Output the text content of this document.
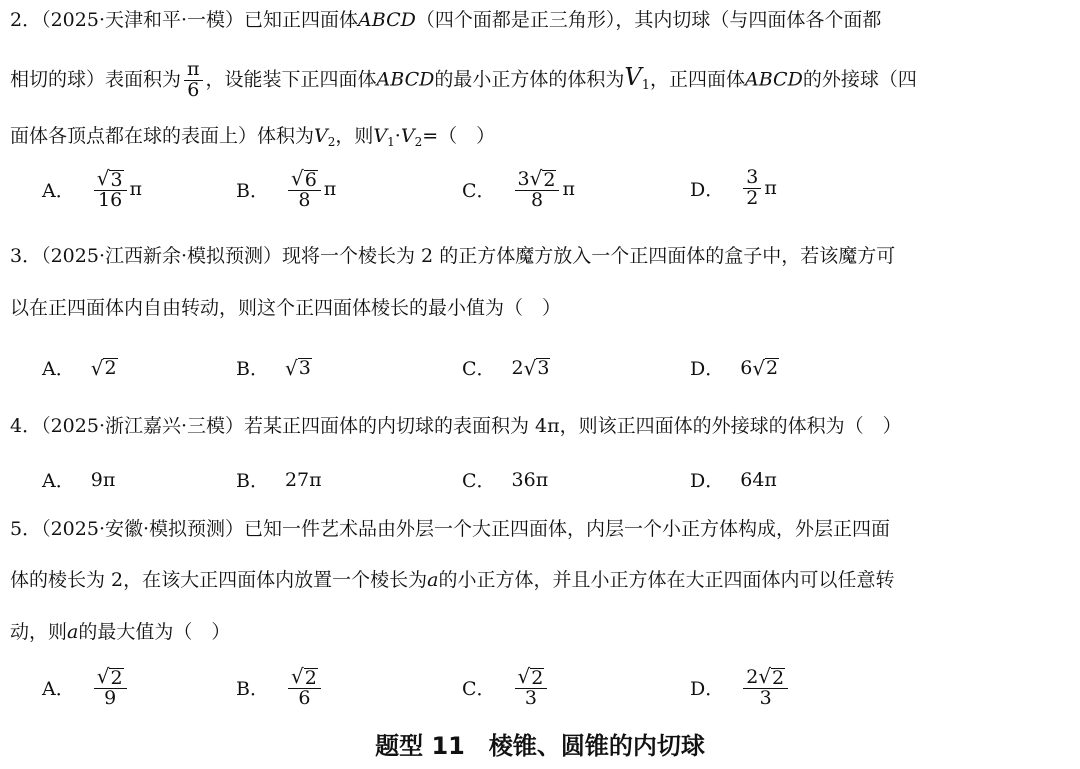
2．（2025·天津和平·一模）已知正四面体ABCD（四个面都是正三角形），其内切球（与四面体各个面都
相切的球）表面积为 $\frac{\pi}{6}$ ，设能装下正四面体ABCD的最小正方体的体积为$V_1$，正四面体ABCD的外接球（四
面体各顶点都在球的表面上）体积为$V_2$，则$V_1\cdot V_2=$（　）
A． $\frac{√ 3}{16}$ π	B． $\frac{√ 6}{8}$ π	C． $\frac{3 √ 2}{8}$ π	D． $\frac{3}{2}$ π
3．（2025·江西新余·模拟预测）现将一个棱长为 2 的正方体魔方放入一个正四面体的盒子中，若该魔方可
以在正四面体内自由转动，则这个正四面体棱长的最小值为（　）
A． √ 2	B． √ 3	C． 2 √ 3	D． 6 √ 2
4．（2025·浙江嘉兴·三模）若某正四面体的内切球的表面积为 4π，则该正四面体的外接球的体积为（　）
A． 9π	B． 27π	C． 36π	D． 64π
5．（2025·安徽·模拟预测）已知一件艺术品由外层一个大正四面体，内层一个小正方体构成，外层正四面
体的棱长为 2，在该大正四面体内放置一个棱长为a的小正方体，并且小正方体在大正四面体内可以任意转
动，则a的最大值为（　）
A． $\frac{√ 2}{9}$	B． $\frac{√ 2}{6}$	C． $\frac{√ 2}{3}$	D． $\frac{2 √ 2}{3}$
题型 11　棱锥、圆锥的内切球
